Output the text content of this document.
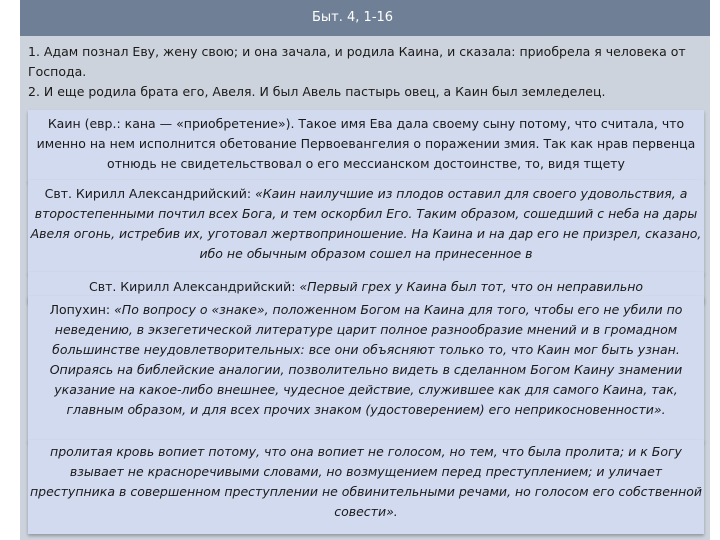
Быт. 4, 1-16
1. Адам познал Еву, жену свою; и она зачала, и родила Каина, и сказала: приобрела я человека от Господа.
2. И еще родила брата его, Авеля. И был Авель пастырь овец, а Каин был земледелец.

Каин (евр.: кана — «приобретение»). Такое имя Ева дала своему сыну потому, что считала, что именно на нем исполнится обетование Первоевангелия о поражении змия. Так как нрав первенца отнюдь не свидетельствовал о его мессианском достоинстве, то, видя тщету

Свт. Кирилл Александрийский: «Каин наилучшие из плодов оставил для своего удовольствия, а второстепенными почтил всех Бога, и тем оскорбил Его. Таким образом, сошедший с неба на дары Авеля огонь, истребив их, уготовал жертвоприношение. На Каина и на дар его не призрел, сказано, ибо не обычным образом сошел на принесенное в

Свт. Кирилл Александрийский: «Первый грех у Каина был тот, что он неправильно

Лопухин: «По вопросу о «знаке», положенном Богом на Каина для того, чтобы его не убили по неведению, в экзегетической литературе царит полное разнообразие мнений и в громадном большинстве неудовлетворительных: все они объясняют только то, что Каин мог быть узнан. Опираясь на библейские аналогии, позволительно видеть в сделанном Богом Каину знамении указание на какое-либо внешнее, чудесное действие, служившее как для самого Каина, так, главным образом, и для всех прочих знаком (удостоверением) его неприкосновенности».

пролитая кровь вопиет потому, что она вопиет не голосом, но тем, что была пролита; и к Богу взывает не красноречивыми словами, но возмущением перед преступлением; и уличает преступника в совершенном преступлении не обвинительными речами, но голосом его собственной совести».
